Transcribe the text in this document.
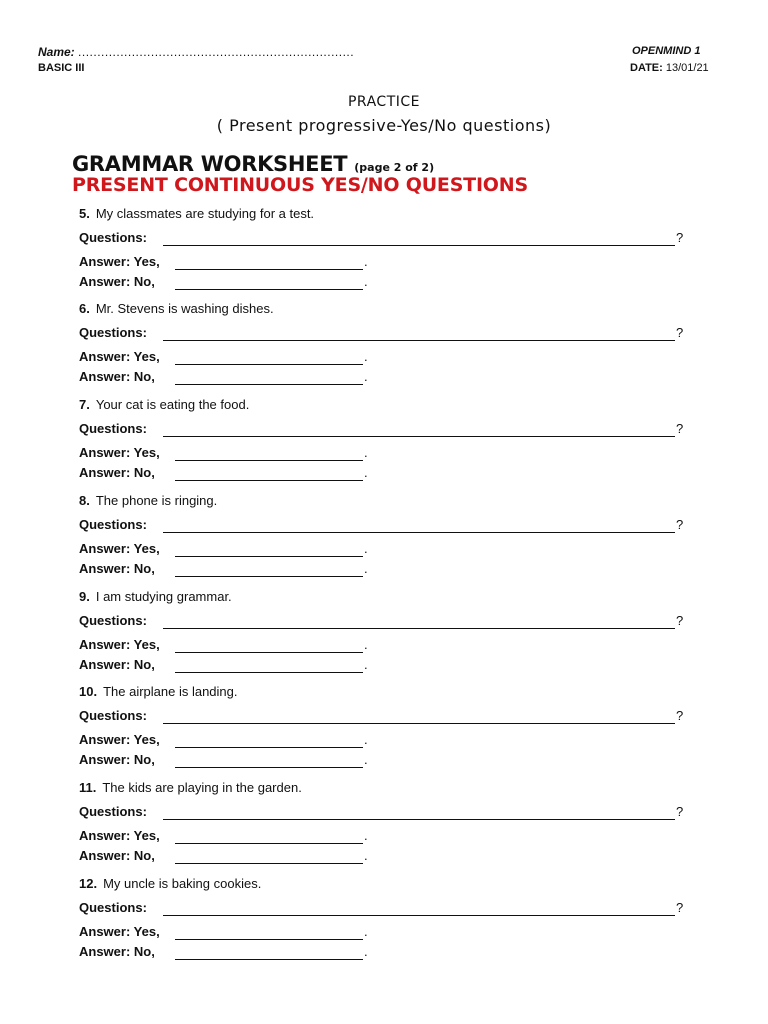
Name: ........................................................................
BASIC III
OPENMIND 1
DATE: 13/01/21
PRACTICE
( Present progressive-Yes/No questions)
GRAMMAR WORKSHEET (page 2 of 2)
PRESENT CONTINUOUS YES/NO QUESTIONS
5. My classmates are studying for a test.
Questions:	?
Answer: Yes,	.
Answer: No,	.
6. Mr. Stevens is washing dishes.
Questions:	?
Answer: Yes,	.
Answer: No,	.
7. Your cat is eating the food.
Questions:	?
Answer: Yes,	.
Answer: No,	.
8. The phone is ringing.
Questions:	?
Answer: Yes,	.
Answer: No,	.
9. I am studying grammar.
Questions:	?
Answer: Yes,	.
Answer: No,	.
10. The airplane is landing.
Questions:	?
Answer: Yes,	.
Answer: No,	.
11. The kids are playing in the garden.
Questions:	?
Answer: Yes,	.
Answer: No,	.
12. My uncle is baking cookies.
Questions:	?
Answer: Yes,	.
Answer: No,	.
